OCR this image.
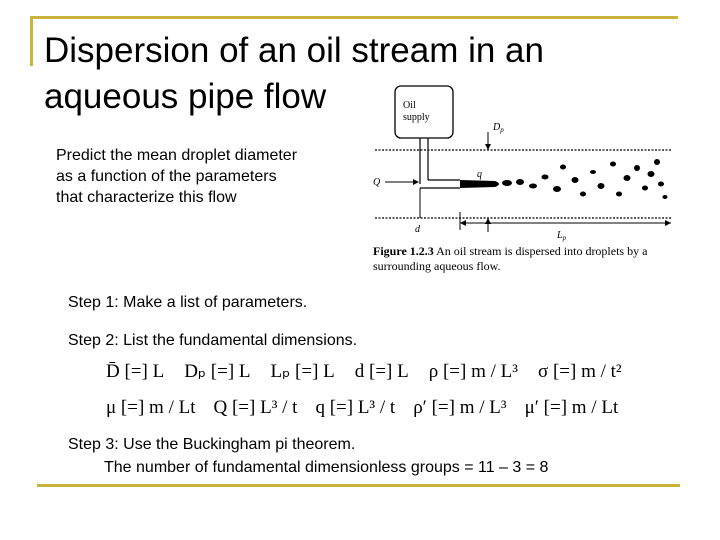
Dispersion of an oil stream in an
aqueous pipe flow
Predict the mean droplet diameter
as a function of the parameters
that characterize this flow
Oil
supply
$D_p$
q
Q
d
$L_p$
Figure 1.2.3 An oil stream is dispersed into droplets by a surrounding aqueous flow.
Step 1: Make a list of parameters.
Step 2: List the fundamental dimensions.
D̄ [=] L Dₚ [=] L Lₚ [=] L d [=] L ρ [=] m / L³ σ [=] m / t²
μ [=] m / Lt Q [=] L³ / t q [=] L³ / t ρ′ [=] m / L³ μ′ [=] m / Lt
Step 3: Use the Buckingham pi theorem.
The number of fundamental dimensionless groups = 11 – 3 = 8
